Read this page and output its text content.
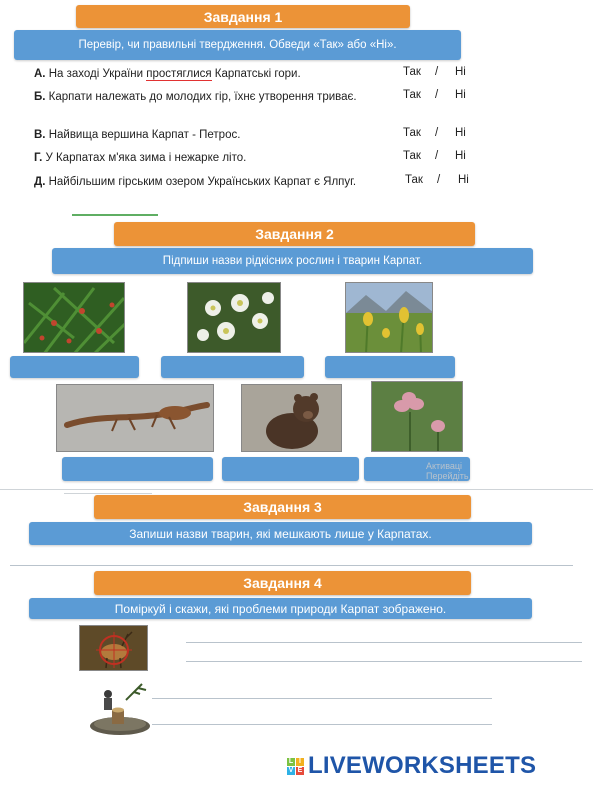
Завдання 1
Перевір, чи правильні твердження. Обведи «Так» або «Ні».
А. На заході України простяглися Карпатські гори.
Б. Карпати належать до молодих гір, їхнє утворення триває.
В. Найвища вершина Карпат - Петрос.
Г. У Карпатах м'яка зима і нежарке літо.
Д. Найбільшим гірським озером Українських Карпат є Ялпуг.
Так / Ні
Так / Ні
Так / Ні
Так / Ні
Так / Ні
Завдання 2
Підпиши назви рідкісних рослин і тварин Карпат.
Активаці
Перейдіть
Завдання 3
Запиши назви тварин, які мешкають лише у Карпатах.
Завдання 4
Поміркуй і скажи, які проблеми природи Карпат зображено.
L I
V E LIVEWORKSHEETS
